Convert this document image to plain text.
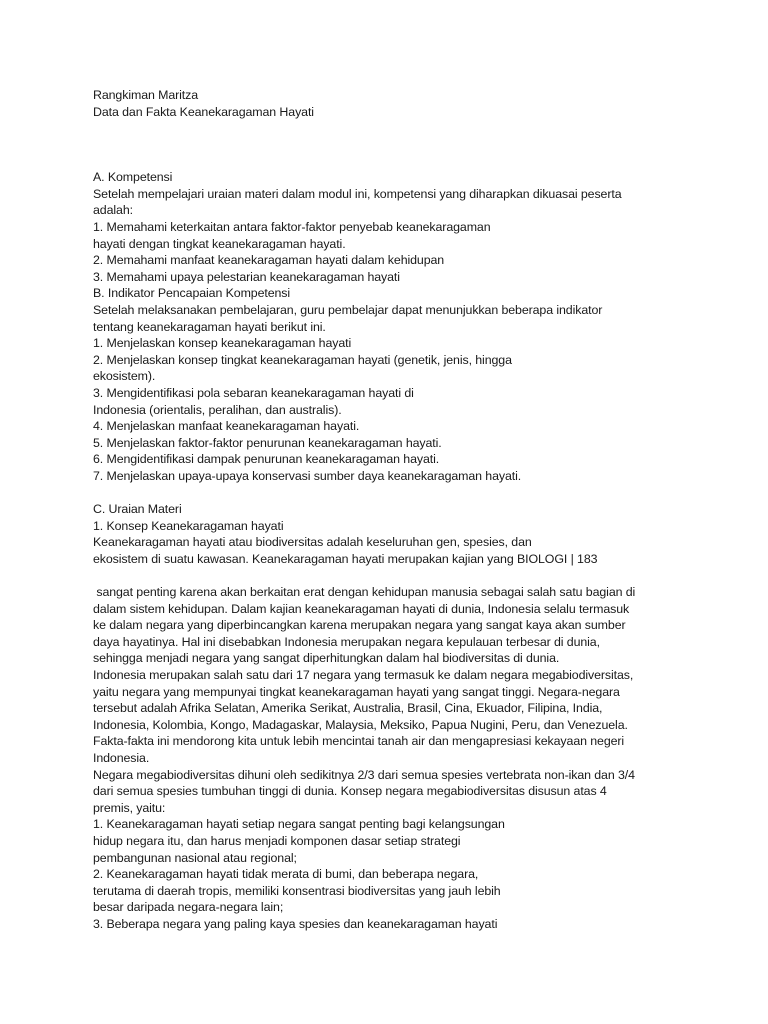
Rangkiman Maritza
Data dan Fakta Keanekaragaman Hayati
A. Kompetensi
Setelah mempelajari uraian materi dalam modul ini, kompetensi yang diharapkan dikuasai peserta
adalah:
1. Memahami keterkaitan antara faktor-faktor penyebab keanekaragaman
hayati dengan tingkat keanekaragaman hayati.
2. Memahami manfaat keanekaragaman hayati dalam kehidupan
3. Memahami upaya pelestarian keanekaragaman hayati
B. Indikator Pencapaian Kompetensi
Setelah melaksanakan pembelajaran, guru pembelajar dapat menunjukkan beberapa indikator
tentang keanekaragaman hayati berikut ini.
1. Menjelaskan konsep keanekaragaman hayati
2. Menjelaskan konsep tingkat keanekaragaman hayati (genetik, jenis, hingga
ekosistem).
3. Mengidentifikasi pola sebaran keanekaragaman hayati di
Indonesia (orientalis, peralihan, dan australis).
4. Menjelaskan manfaat keanekaragaman hayati.
5. Menjelaskan faktor-faktor penurunan keanekaragaman hayati.
6. Mengidentifikasi dampak penurunan keanekaragaman hayati.
7. Menjelaskan upaya-upaya konservasi sumber daya keanekaragaman hayati.
C. Uraian Materi
1. Konsep Keanekaragaman hayati
Keanekaragaman hayati atau biodiversitas adalah keseluruhan gen, spesies, dan
ekosistem di suatu kawasan. Keanekaragaman hayati merupakan kajian yang BIOLOGI | 183
sangat penting karena akan berkaitan erat dengan kehidupan manusia sebagai salah satu bagian di
dalam sistem kehidupan. Dalam kajian keanekaragaman hayati di dunia, Indonesia selalu termasuk
ke dalam negara yang diperbincangkan karena merupakan negara yang sangat kaya akan sumber
daya hayatinya. Hal ini disebabkan Indonesia merupakan negara kepulauan terbesar di dunia,
sehingga menjadi negara yang sangat diperhitungkan dalam hal biodiversitas di dunia.
Indonesia merupakan salah satu dari 17 negara yang termasuk ke dalam negara megabiodiversitas,
yaitu negara yang mempunyai tingkat keanekaragaman hayati yang sangat tinggi. Negara-negara
tersebut adalah Afrika Selatan, Amerika Serikat, Australia, Brasil, Cina, Ekuador, Filipina, India,
Indonesia, Kolombia, Kongo, Madagaskar, Malaysia, Meksiko, Papua Nugini, Peru, dan Venezuela.
Fakta-fakta ini mendorong kita untuk lebih mencintai tanah air dan mengapresiasi kekayaan negeri
Indonesia.
Negara megabiodiversitas dihuni oleh sedikitnya 2/3 dari semua spesies vertebrata non-ikan dan 3/4
dari semua spesies tumbuhan tinggi di dunia. Konsep negara megabiodiversitas disusun atas 4
premis, yaitu:
1. Keanekaragaman hayati setiap negara sangat penting bagi kelangsungan
hidup negara itu, dan harus menjadi komponen dasar setiap strategi
pembangunan nasional atau regional;
2. Keanekaragaman hayati tidak merata di bumi, dan beberapa negara,
terutama di daerah tropis, memiliki konsentrasi biodiversitas yang jauh lebih
besar daripada negara-negara lain;
3. Beberapa negara yang paling kaya spesies dan keanekaragaman hayati
